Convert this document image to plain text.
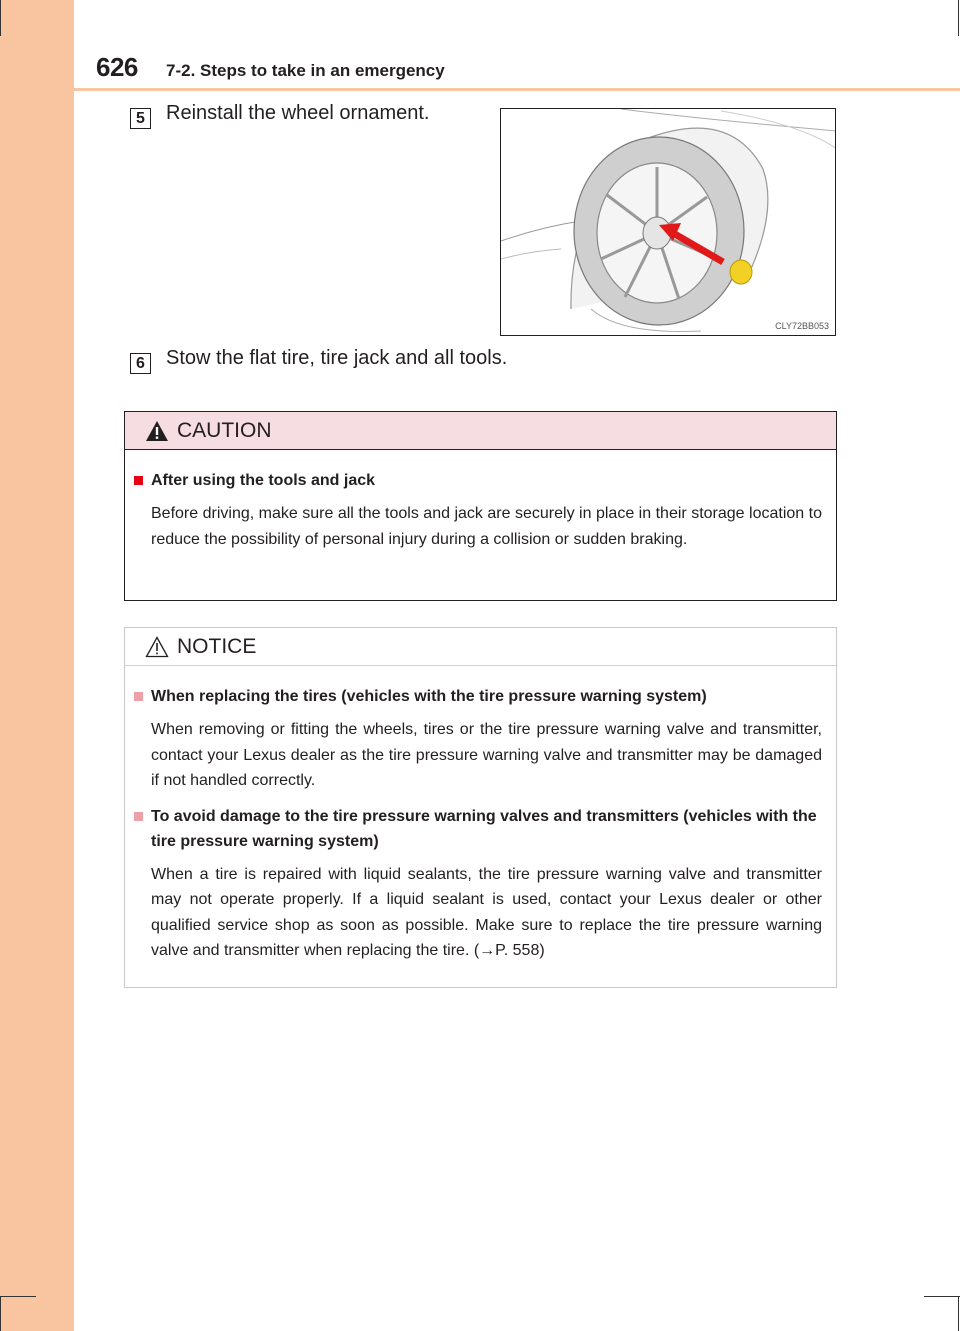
626 7-2. Steps to take in an emergency
5	Reinstall the wheel ornament.
CLY72BB053
6	Stow the flat tire, tire jack and all tools.
CAUTION
After using the tools and jack
Before driving, make sure all the tools and jack are securely in place in their storage location to reduce the possibility of personal injury during a collision or sudden braking.
NOTICE
When replacing the tires (vehicles with the tire pressure warning system)
When removing or fitting the wheels, tires or the tire pressure warning valve and transmitter, contact your Lexus dealer as the tire pressure warning valve and transmitter may be damaged if not handled correctly.
To avoid damage to the tire pressure warning valves and transmitters (vehicles with the tire pressure warning system)
When a tire is repaired with liquid sealants, the tire pressure warning valve and transmitter may not operate properly. If a liquid sealant is used, contact your Lexus dealer or other qualified service shop as soon as possible. Make sure to replace the tire pressure warning valve and transmitter when replacing the tire. (→P. 558)
